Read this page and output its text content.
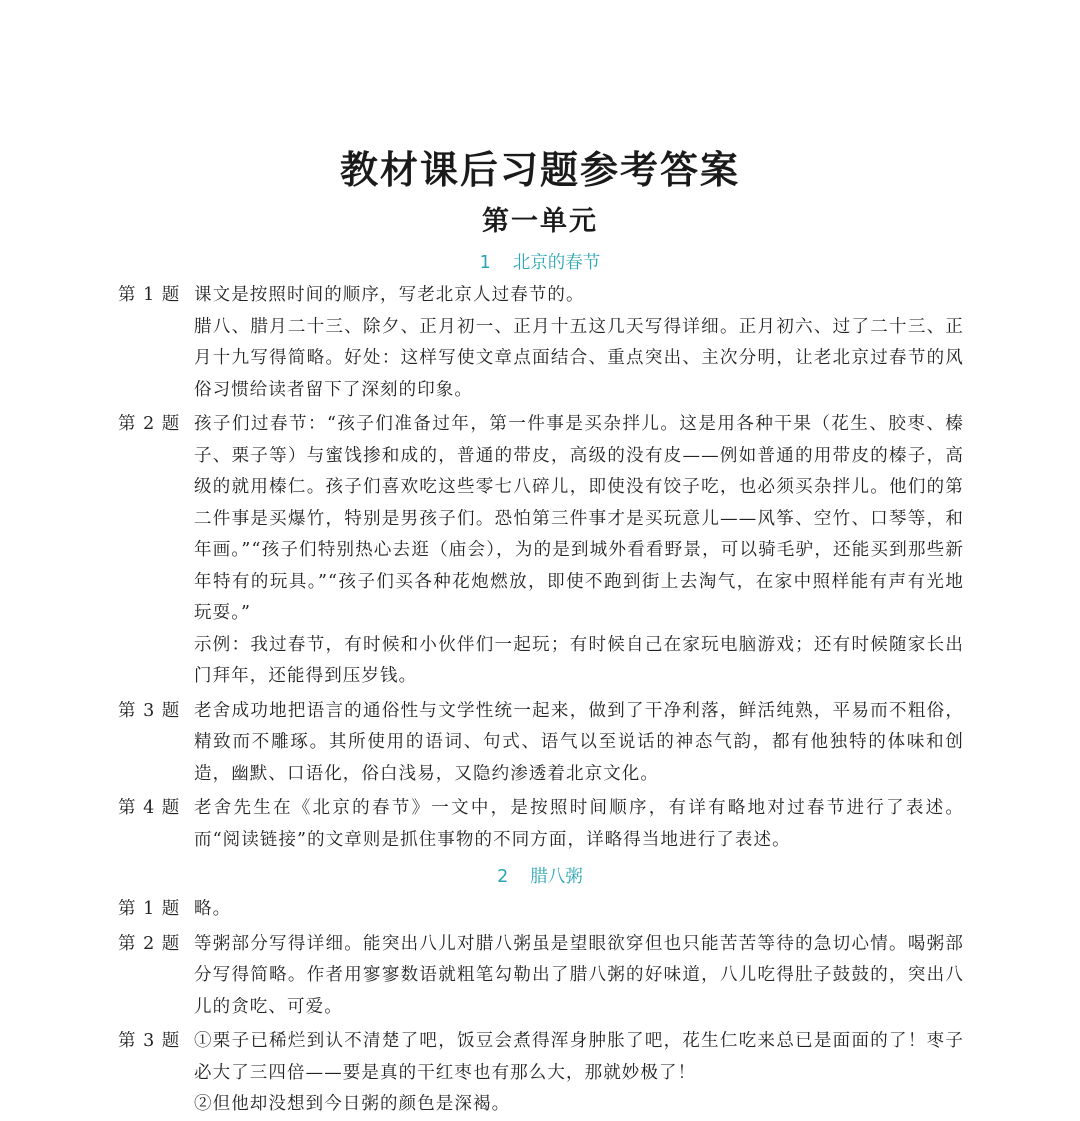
教材课后习题参考答案
第一单元
1 北京的春节
第 1 题 课文是按照时间的顺序，写老北京人过春节的。

腊八、腊月二十三、除夕、正月初一、正月十五这几天写得详细。正月初六、过了二十三、正月十九写得简略。好处：这样写使文章点面结合、重点突出、主次分明，让老北京过春节的风俗习惯给读者留下了深刻的印象。

第 2 题 孩子们过春节：“孩子们准备过年，第一件事是买杂拌儿。这是用各种干果（花生、胶枣、榛子、栗子等）与蜜饯掺和成的，普通的带皮，高级的没有皮——例如普通的用带皮的榛子，高级的就用榛仁。孩子们喜欢吃这些零七八碎儿，即使没有饺子吃，也必须买杂拌儿。他们的第二件事是买爆竹，特别是男孩子们。恐怕第三件事才是买玩意儿——风筝、空竹、口琴等，和年画。”“孩子们特别热心去逛（庙会），为的是到城外看看野景，可以骑毛驴，还能买到那些新年特有的玩具。”“孩子们买各种花炮燃放，即使不跑到街上去淘气，在家中照样能有声有光地玩耍。”

示例：我过春节，有时候和小伙伴们一起玩；有时候自己在家玩电脑游戏；还有时候随家长出门拜年，还能得到压岁钱。

第 3 题 老舍成功地把语言的通俗性与文学性统一起来，做到了干净利落，鲜活纯熟，平易而不粗俗，精致而不雕琢。其所使用的语词、句式、语气以至说话的神态气韵，都有他独特的体味和创造，幽默、口语化，俗白浅易，又隐约渗透着北京文化。

第 4 题 老舍先生在《北京的春节》一文中，是按照时间顺序，有详有略地对过春节进行了表述。而“阅读链接”的文章则是抓住事物的不同方面，详略得当地进行了表述。

2 腊八粥
第 1 题 略。

第 2 题 等粥部分写得详细。能突出八儿对腊八粥虽是望眼欲穿但也只能苦苦等待的急切心情。喝粥部分写得简略。作者用寥寥数语就粗笔勾勒出了腊八粥的好味道，八儿吃得肚子鼓鼓的，突出八儿的贪吃、可爱。

第 3 题 ①栗子已稀烂到认不清楚了吧，饭豆会煮得浑身肿胀了吧，花生仁吃来总已是面面的了！枣子必大了三四倍——要是真的干红枣也有那么大，那就妙极了！

②但他却没想到今日粥的颜色是深褐。
